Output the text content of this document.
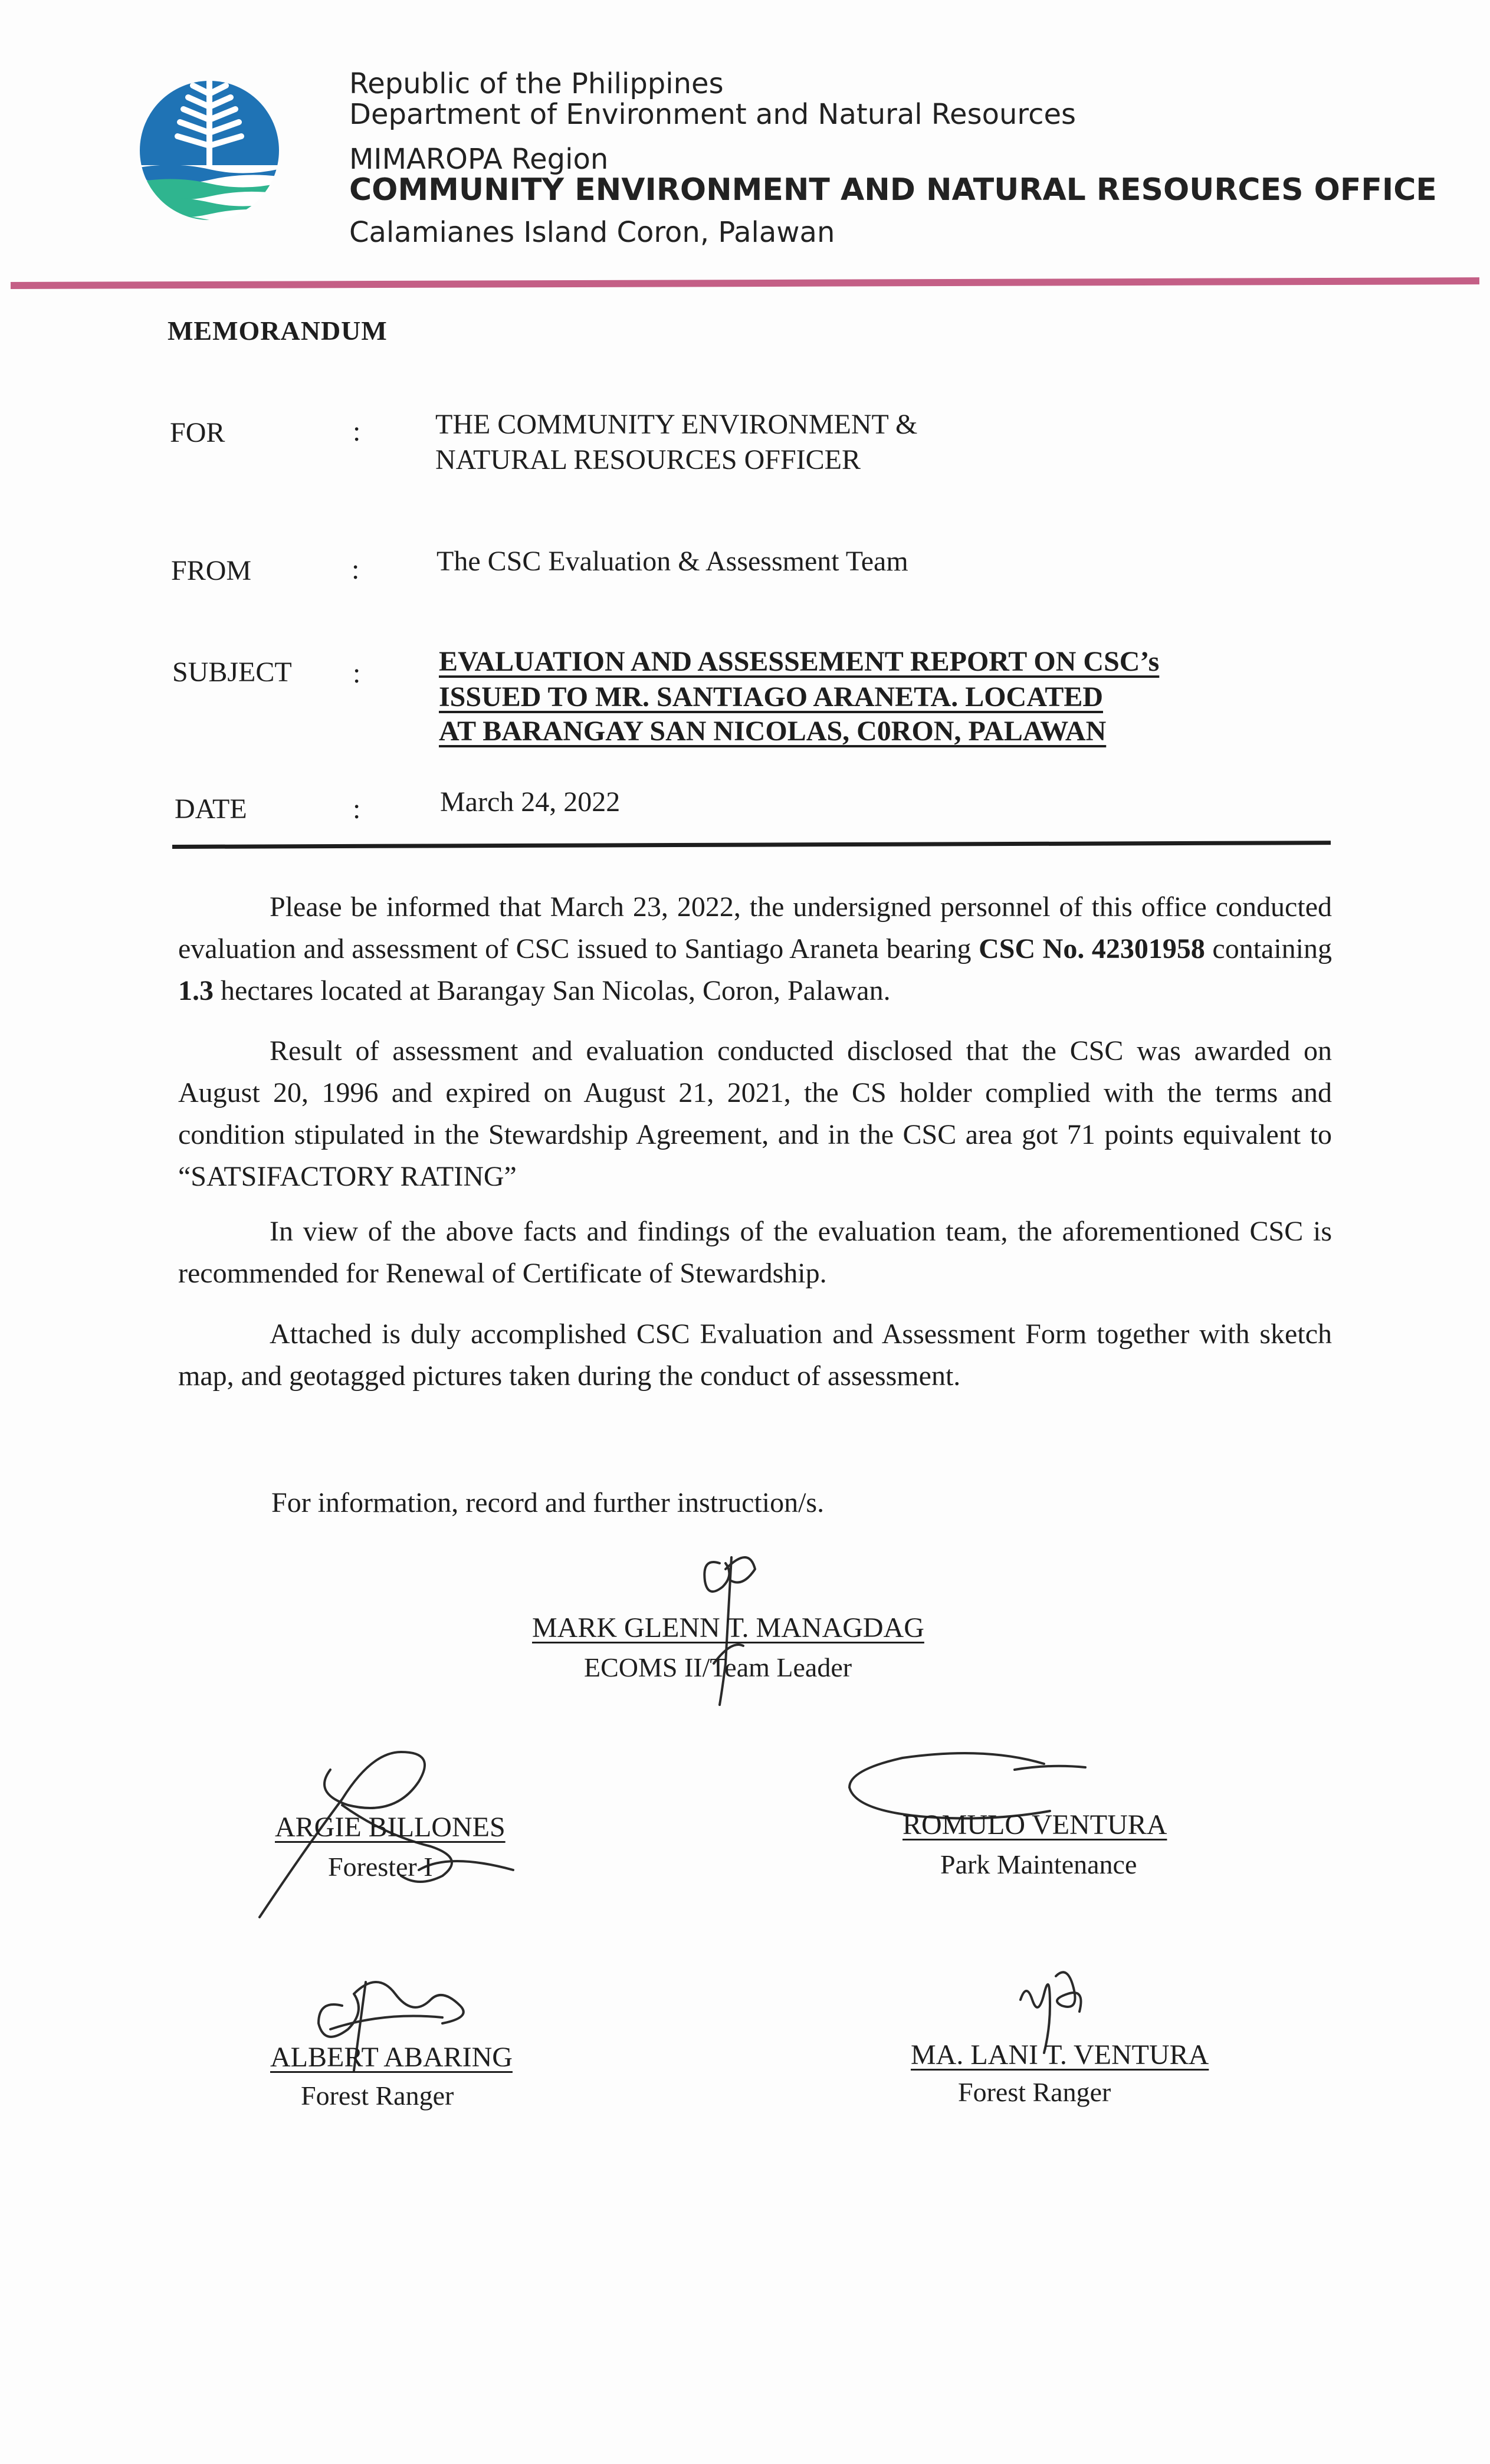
Republic of the Philippines
Department of Environment and Natural Resources
MIMAROPA Region
COMMUNITY ENVIRONMENT AND NATURAL RESOURCES OFFICE
Calamianes Island Coron, Palawan
MEMORANDUM
FOR	:	THE COMMUNITY ENVIRONMENT &
NATURAL RESOURCES OFFICER
FROM	:	The CSC Evaluation & Assessment Team
SUBJECT :	EVALUATION AND ASSESSEMENT REPORT ON CSC’s
ISSUED TO MR. SANTIAGO ARANETA. LOCATED
AT BARANGAY SAN NICOLAS, C0RON, PALAWAN
DATE	:	March 24, 2022
Please be informed that March 23, 2022, the undersigned personnel of this office conducted evaluation and assessment of CSC issued to Santiago Araneta bearing CSC No. 42301958 containing 1.3 hectares located at Barangay San Nicolas, Coron, Palawan.
Result of assessment and evaluation conducted disclosed that the CSC was awarded on August 20, 1996 and expired on August 21, 2021, the CS holder complied with the terms and condition stipulated in the Stewardship Agreement, and in the CSC area got 71 points equivalent to “SATSIFACTORY RATING”
In view of the above facts and findings of the evaluation team, the aforementioned CSC is recommended for Renewal of Certificate of Stewardship.
Attached is duly accomplished CSC Evaluation and Assessment Form together with sketch map, and geotagged pictures taken during the conduct of assessment.
For information, record and further instruction/s.
MARK GLENN T. MANAGDAG
ECOMS II/Team Leader
ARGIE BILLONES
Forester I
ROMULO VENTURA
Park Maintenance
ALBERT ABARING
Forest Ranger
MA. LANI T. VENTURA
Forest Ranger
